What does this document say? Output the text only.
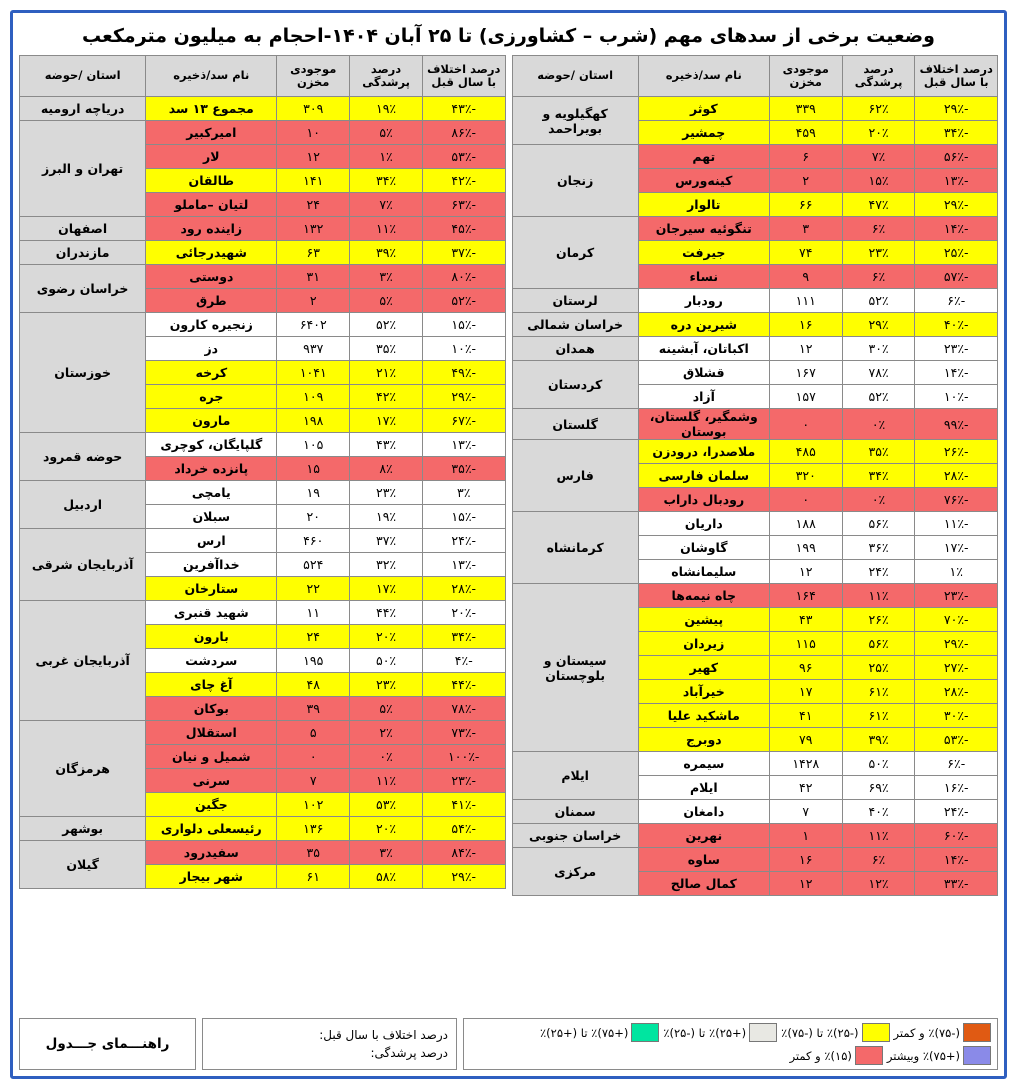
وضعیت برخی از سدهای مهم (شرب – کشاورزی) تا ۲۵ آبان ۱۴۰۴-احجام به میلیون مترمکعب
درصد اختلاف با سال قبل	درصد پرشدگی	موجودی مخزن	نام سد/ذخیره	استان /حوضه
-۲۹٪	۶۲٪	۳۳۹	کوثر	کهگیلویه و بویراحمد
-۳۴٪	۲۰٪	۴۵۹	چمشیر	
-۵۶٪	۷٪	۶	تهم	زنجان
-۱۳٪	۱۵٪	۲	کینه‌ورس	
-۲۹٪	۴۷٪	۶۶	تالوار	
-۱۴٪	۶٪	۳	تنگوئیه سیرجان	کرمان
-۲۵٪	۲۳٪	۷۴	جیرفت	
-۵۷٪	۶٪	۹	نساء	
-۶٪	۵۲٪	۱۱۱	رودبار	لرستان
-۴۰٪	۲۹٪	۱۶	شیرین دره	خراسان شمالی
-۲۳٪	۳۰٪	۱۲	اکباتان، آبشینه	همدان
-۱۴٪	۷۸٪	۱۶۷	قشلاق	کردستان
-۱۰٪	۵۲٪	۱۵۷	آزاد	
-۹۹٪	۰٪	۰	وشمگیر، گلستان، بوستان	گلستان
-۲۶٪	۳۵٪	۴۸۵	ملاصدرا، درودزن	فارس
-۲۸٪	۳۴٪	۳۲۰	سلمان فارسی	
-۷۶٪	۰٪	۰	رودبال داراب	
-۱۱٪	۵۶٪	۱۸۸	داریان	کرمانشاه
-۱۷٪	۳۶٪	۱۹۹	گاوشان	
۱٪	۲۴٪	۱۲	سلیمانشاه	
-۲۳٪	۱۱٪	۱۶۴	چاه نیمه‌ها	سیستان و بلوچستان
-۷۰٪	۲۶٪	۴۳	پیشین	
-۲۹٪	۵۶٪	۱۱۵	زیردان	
-۲۷٪	۲۵٪	۹۶	کهیر	
-۲۸٪	۶۱٪	۱۷	خیرآباد	
-۳۰٪	۶۱٪	۴۱	ماشکید علیا	
-۵۳٪	۳۹٪	۷۹	دوبرج	
-۶٪	۵۰٪	۱۴۲۸	سیمره	ایلام
-۱۶٪	۶۹٪	۴۲	ایلام	
-۲۴٪	۴۰٪	۷	دامغان	سمنان
-۶۰٪	۱۱٪	۱	نهرین	خراسان جنوبی
-۱۴٪	۶٪	۱۶	ساوه	مرکزی
-۳۳٪	۱۲٪	۱۲	کمال صالح	
درصد اختلاف با سال قبل	درصد پرشدگی	موجودی مخزن	نام سد/ذخیره	استان /حوضه
-۴۳٪	۱۹٪	۳۰۹	مجموع ۱۳ سد	دریاچه ارومیه
-۸۶٪	۵٪	۱۰	امیرکبیر	تهران و البرز
-۵۳٪	۱٪	۱۲	لار	
-۴۲٪	۳۴٪	۱۴۱	طالقان	
-۶۳٪	۷٪	۲۴	لتیان –ماملو	
-۴۵٪	۱۱٪	۱۳۲	زاینده رود	اصفهان
-۳۷٪	۳۹٪	۶۳	شهیدرجائی	مازندران
-۸۰٪	۳٪	۳۱	دوستی	خراسان رضوی
-۵۲٪	۵٪	۲	طرق	
-۱۵٪	۵۲٪	۶۴۰۲	زنجیره کارون	خوزستان
-۱۰٪	۳۵٪	۹۳۷	دز	
-۴۹٪	۲۱٪	۱۰۴۱	کرخه	
-۲۹٪	۴۲٪	۱۰۹	جره	
-۶۷٪	۱۷٪	۱۹۸	مارون	
-۱۳٪	۴۳٪	۱۰۵	گلپایگان، کوچری	حوضه قمرود
-۳۵٪	۸٪	۱۵	پانزده خرداد	
۳٪	۲۳٪	۱۹	یامچی	اردبیل
-۱۵٪	۱۹٪	۲۰	سبلان	
-۲۴٪	۳۷٪	۴۶۰	ارس	آذربایجان شرقی
-۱۳٪	۳۲٪	۵۲۴	خداآفرین	
-۲۸٪	۱۷٪	۲۲	ستارخان	
-۲۰٪	۴۴٪	۱۱	شهید قنبری	آذربایجان غربی
-۳۴٪	۲۰٪	۲۴	بارون	
-۴٪	۵۰٪	۱۹۵	سردشت	
-۴۴٪	۲۳٪	۴۸	آغ چای	
-۷۸٪	۵٪	۳۹	بوکان	
-۷۳٪	۲٪	۵	استقلال	هرمزگان
-۱۰۰٪	۰٪	۰	شمیل و نیان	
-۲۳٪	۱۱٪	۷	سرنی	
-۴۱٪	۵۳٪	۱۰۲	جگین	
-۵۴٪	۲۰٪	۱۳۶	رئیسعلی دلواری	بوشهر
-۸۴٪	۳٪	۳۵	سفیدرود	گیلان
-۲۹٪	۵۸٪	۶۱	شهر بیجار	
(-۷۵)٪ و کمتر
(-۲۵)٪ تا (-۷۵)٪
(+۲۵)٪ تا (-۲۵)٪
(+۷۵)٪ تا (+۲۵)٪
(+۷۵)٪ وبیشتر
(۱۵)٪ و کمتر
درصد اختلاف با سال قبل:
درصد پرشدگی:
راهنـــمای جـــدول
